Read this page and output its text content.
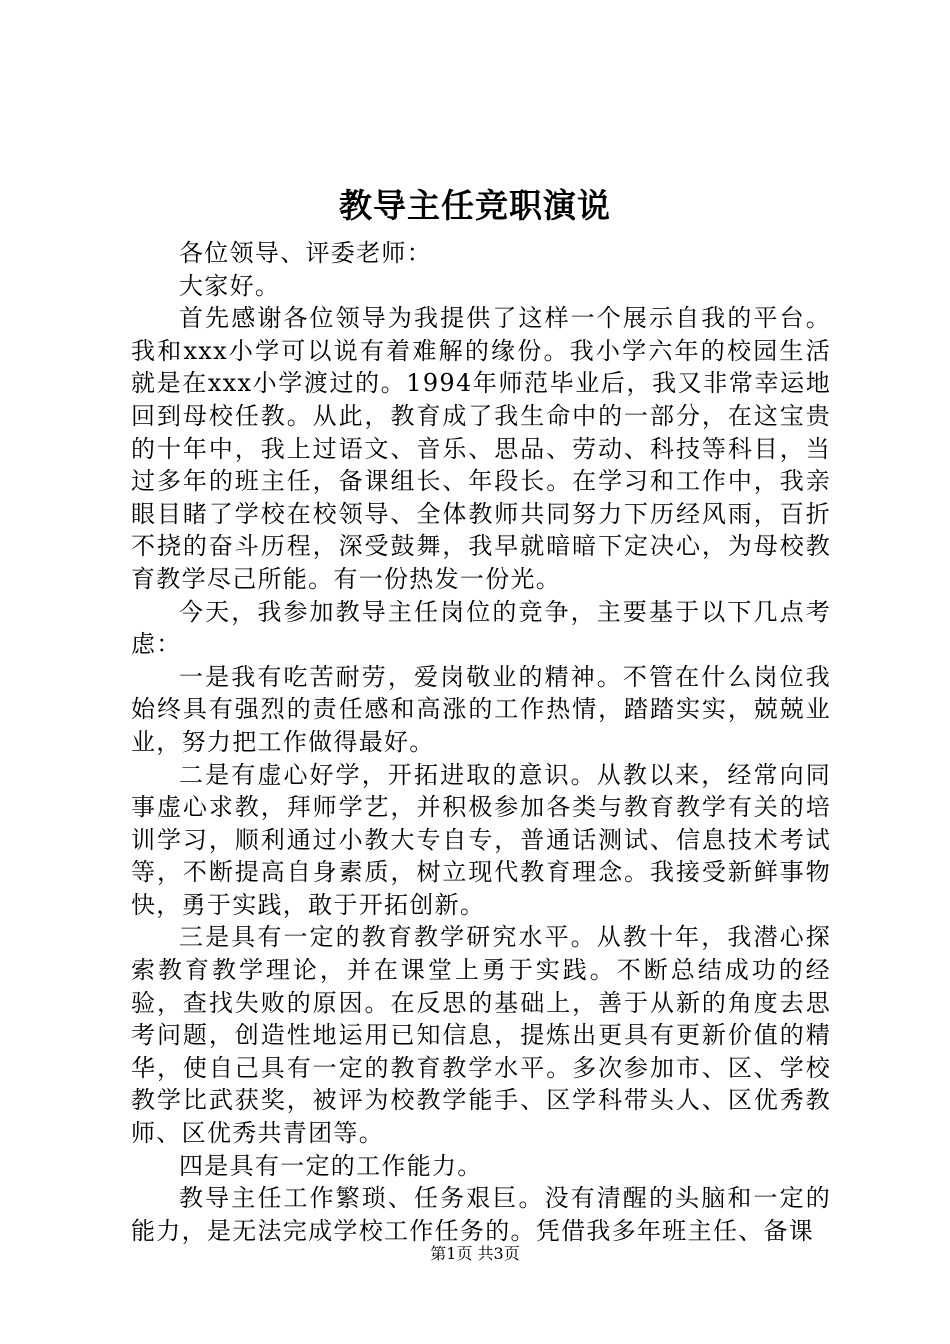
教导主任竞职演说

各位领导、评委老师：

大家好。

首先感谢各位领导为我提供了这样一个展示自我的平台。我和xxx小学可以说有着难解的缘份。我小学六年的校园生活就是在xxx小学渡过的。1994年师范毕业后，我又非常幸运地回到母校任教。从此，教育成了我生命中的一部分，在这宝贵的十年中，我上过语文、音乐、思品、劳动、科技等科目，当过多年的班主任，备课组长、年段长。在学习和工作中，我亲眼目睹了学校在校领导、全体教师共同努力下历经风雨，百折不挠的奋斗历程，深受鼓舞，我早就暗暗下定决心，为母校教育教学尽己所能。有一份热发一份光。

今天，我参加教导主任岗位的竞争，主要基于以下几点考虑：

一是我有吃苦耐劳，爱岗敬业的精神。不管在什么岗位我始终具有强烈的责任感和高涨的工作热情，踏踏实实，兢兢业业，努力把工作做得最好。

二是有虚心好学，开拓进取的意识。从教以来，经常向同事虚心求教，拜师学艺，并积极参加各类与教育教学有关的培训学习，顺利通过小教大专自专，普通话测试、信息技术考试等，不断提高自身素质，树立现代教育理念。我接受新鲜事物快，勇于实践，敢于开拓创新。

三是具有一定的教育教学研究水平。从教十年，我潜心探索教育教学理论，并在课堂上勇于实践。不断总结成功的经验，查找失败的原因。在反思的基础上，善于从新的角度去思考问题，创造性地运用已知信息，提炼出更具有更新价值的精华，使自己具有一定的教育教学水平。多次参加市、区、学校教学比武获奖，被评为校教学能手、区学科带头人、区优秀教师、区优秀共青团等。

四是具有一定的工作能力。

教导主任工作繁琐、任务艰巨。没有清醒的头脑和一定的能力，是无法完成学校工作任务的。凭借我多年班主任、备课

第1页 共3页
